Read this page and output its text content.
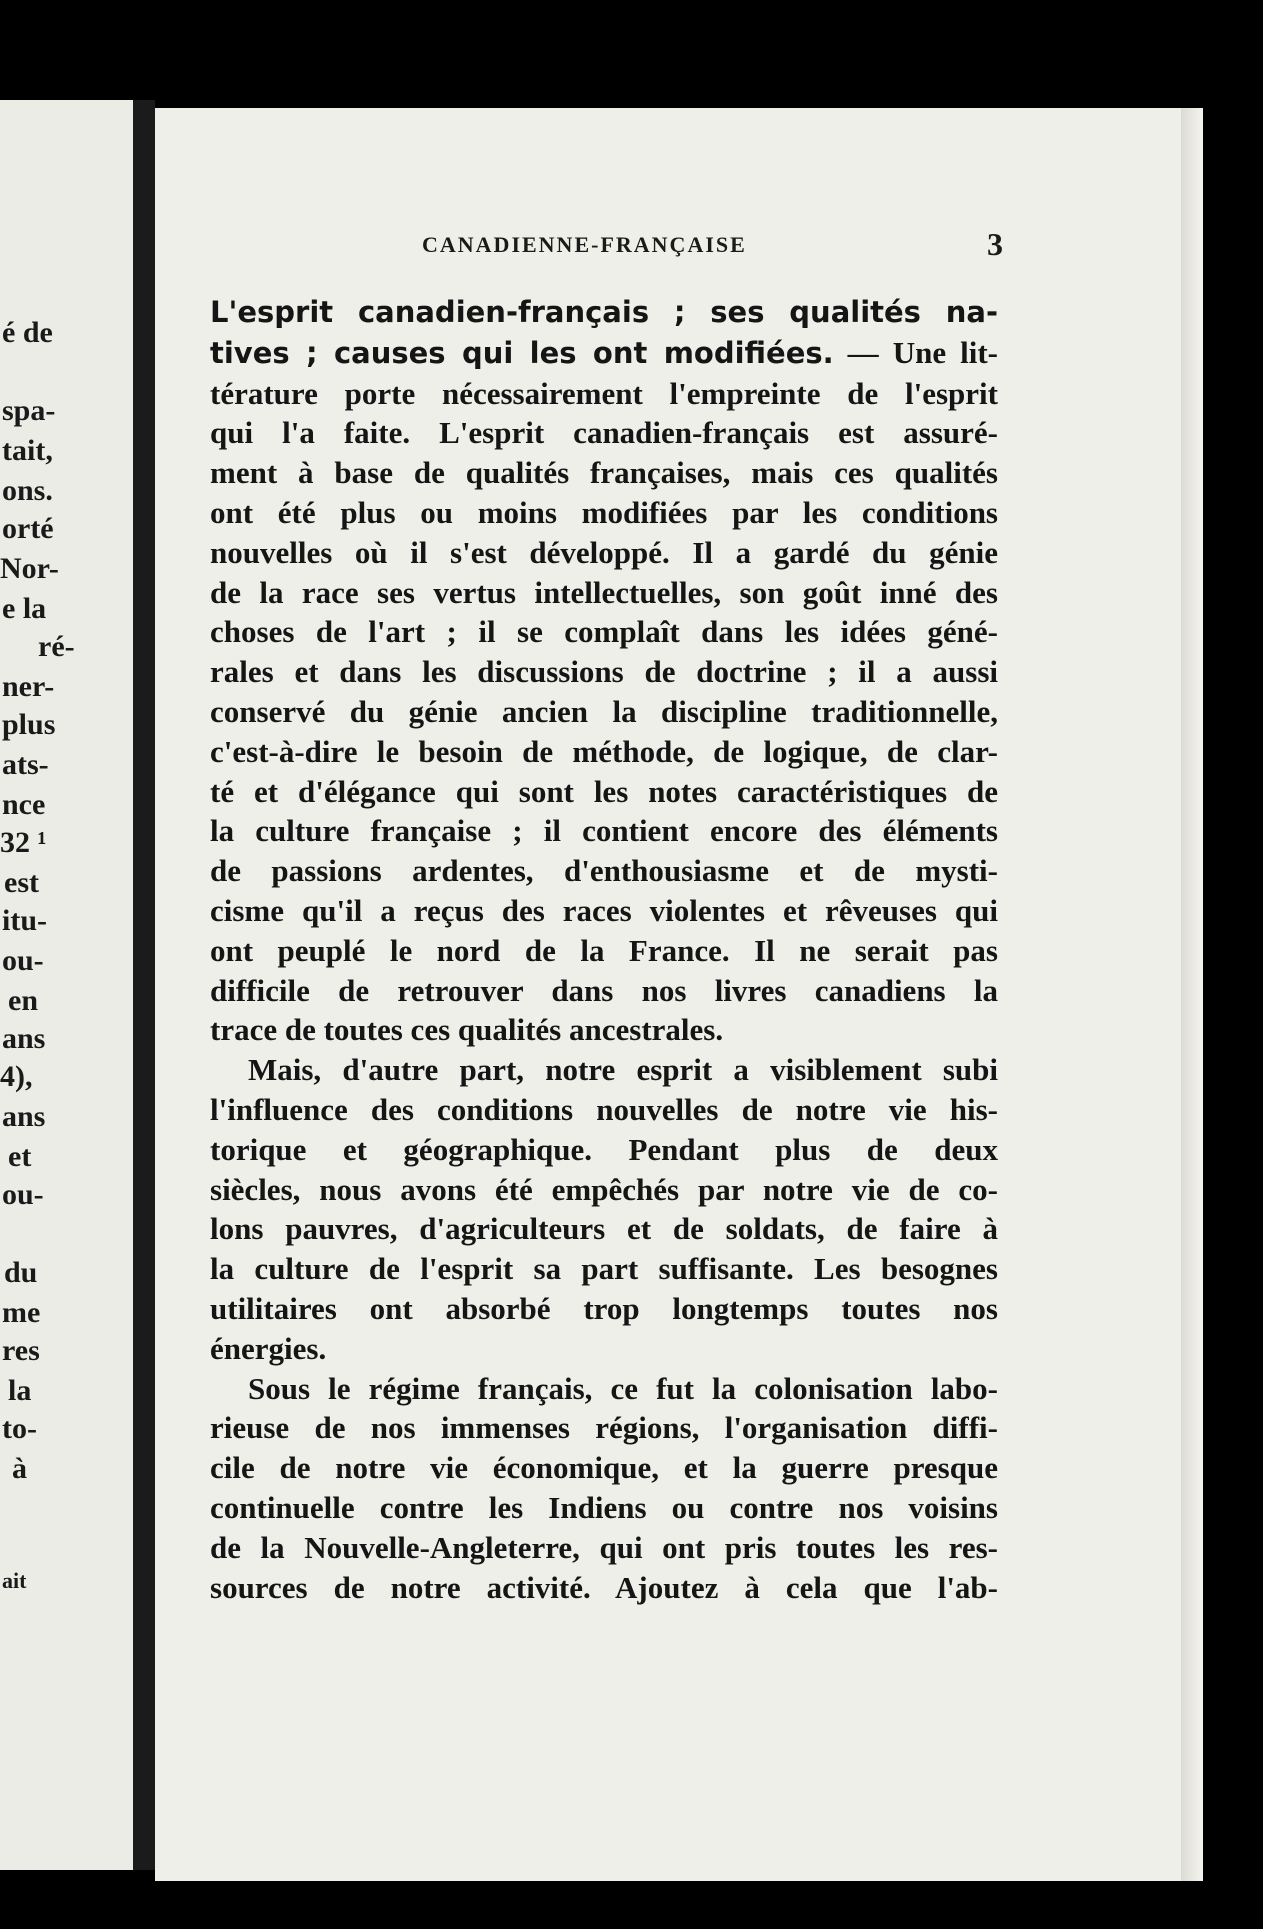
é de
spa-
tait,
ons.
orté
Nor-
e la
ré-
ner-
plus
ats-
nce
32 ¹
est
itu-
ou-
en
ans
4),
ans
et
ou-
du
me
res
la
to-
à
ait
CANADIENNE-FRANÇAISE	3
L'esprit canadien-français ; ses qualités na-
tives ; causes qui les ont modifiées. — Une lit-
térature porte nécessairement l'empreinte de l'esprit
qui l'a faite. L'esprit canadien-français est assuré-
ment à base de qualités françaises, mais ces qualités
ont été plus ou moins modifiées par les conditions
nouvelles où il s'est développé. Il a gardé du génie
de la race ses vertus intellectuelles, son goût inné des
choses de l'art ; il se complaît dans les idées géné-
rales et dans les discussions de doctrine ; il a aussi
conservé du génie ancien la discipline traditionnelle,
c'est-à-dire le besoin de méthode, de logique, de clar-
té et d'élégance qui sont les notes caractéristiques de
la culture française ; il contient encore des éléments
de passions ardentes, d'enthousiasme et de mysti-
cisme qu'il a reçus des races violentes et rêveuses qui
ont peuplé le nord de la France. Il ne serait pas
difficile de retrouver dans nos livres canadiens la
trace de toutes ces qualités ancestrales.
Mais, d'autre part, notre esprit a visiblement subi
l'influence des conditions nouvelles de notre vie his-
torique et géographique. Pendant plus de deux
siècles, nous avons été empêchés par notre vie de co-
lons pauvres, d'agriculteurs et de soldats, de faire à
la culture de l'esprit sa part suffisante. Les besognes
utilitaires ont absorbé trop longtemps toutes nos
énergies.
Sous le régime français, ce fut la colonisation labo-
rieuse de nos immenses régions, l'organisation diffi-
cile de notre vie économique, et la guerre presque
continuelle contre les Indiens ou contre nos voisins
de la Nouvelle-Angleterre, qui ont pris toutes les res-
sources de notre activité. Ajoutez à cela que l'ab-
